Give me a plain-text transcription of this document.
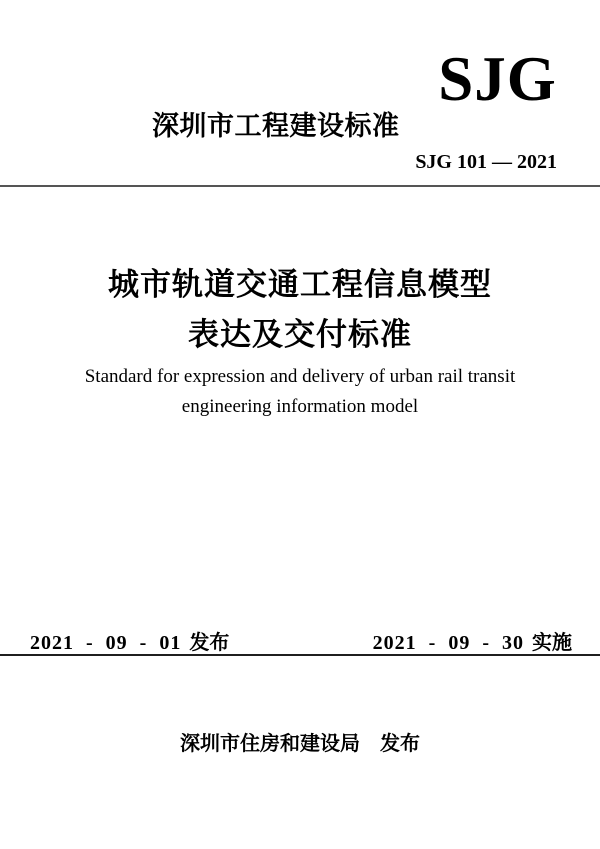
深圳市工程建设标准
SJG
SJG 101 — 2021
城市轨道交通工程信息模型
表达及交付标准
Standard for expression and delivery of urban rail transit
engineering information model
2021 - 09 - 01 发布	2021 - 09 - 30 实施
深圳市住房和建设局 发布
